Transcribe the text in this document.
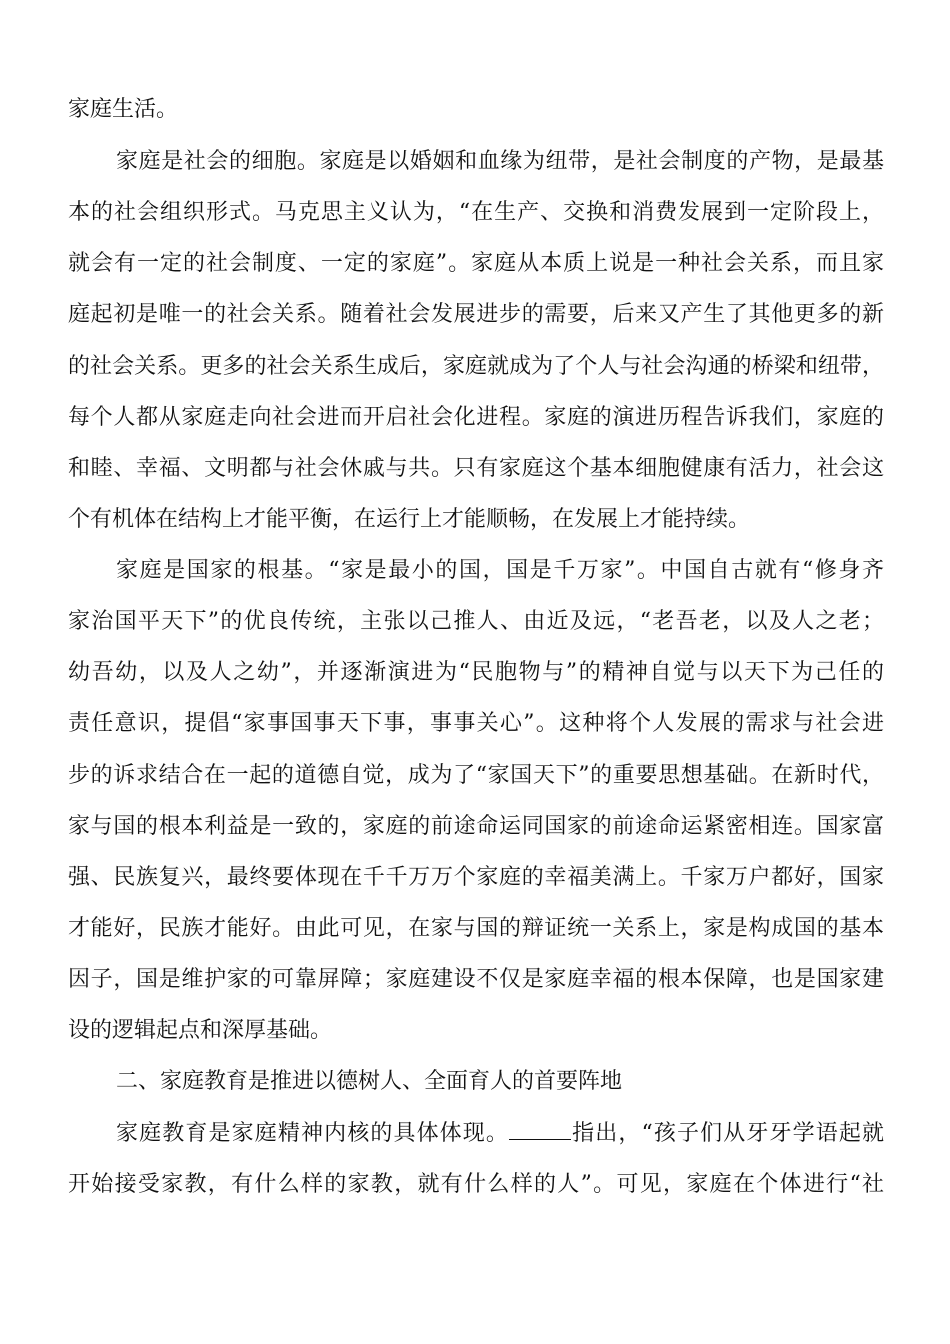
家庭生活。
家庭是社会的细胞。家庭是以婚姻和血缘为纽带，是社会制度的产物，是最基
本的社会组织形式。马克思主义认为，“在生产、交换和消费发展到一定阶段上，
就会有一定的社会制度、一定的家庭”。家庭从本质上说是一种社会关系，而且家
庭起初是唯一的社会关系。随着社会发展进步的需要，后来又产生了其他更多的新
的社会关系。更多的社会关系生成后，家庭就成为了个人与社会沟通的桥梁和纽带，
每个人都从家庭走向社会进而开启社会化进程。家庭的演进历程告诉我们，家庭的
和睦、幸福、文明都与社会休戚与共。只有家庭这个基本细胞健康有活力，社会这
个有机体在结构上才能平衡，在运行上才能顺畅，在发展上才能持续。
家庭是国家的根基。“家是最小的国，国是千万家”。中国自古就有“修身齐
家治国平天下”的优良传统，主张以己推人、由近及远，“老吾老，以及人之老；
幼吾幼，以及人之幼”，并逐渐演进为“民胞物与”的精神自觉与以天下为己任的
责任意识，提倡“家事国事天下事，事事关心”。这种将个人发展的需求与社会进
步的诉求结合在一起的道德自觉，成为了“家国天下”的重要思想基础。在新时代，
家与国的根本利益是一致的，家庭的前途命运同国家的前途命运紧密相连。国家富
强、民族复兴，最终要体现在千千万万个家庭的幸福美满上。千家万户都好，国家
才能好，民族才能好。由此可见，在家与国的辩证统一关系上，家是构成国的基本
因子，国是维护家的可靠屏障；家庭建设不仅是家庭幸福的根本保障，也是国家建
设的逻辑起点和深厚基础。
二、家庭教育是推进以德树人、全面育人的首要阵地
家庭教育是家庭精神内核的具体体现。	指出，“孩子们从牙牙学语起就
开始接受家教，有什么样的家教，就有什么样的人”。可见，家庭在个体进行“社
